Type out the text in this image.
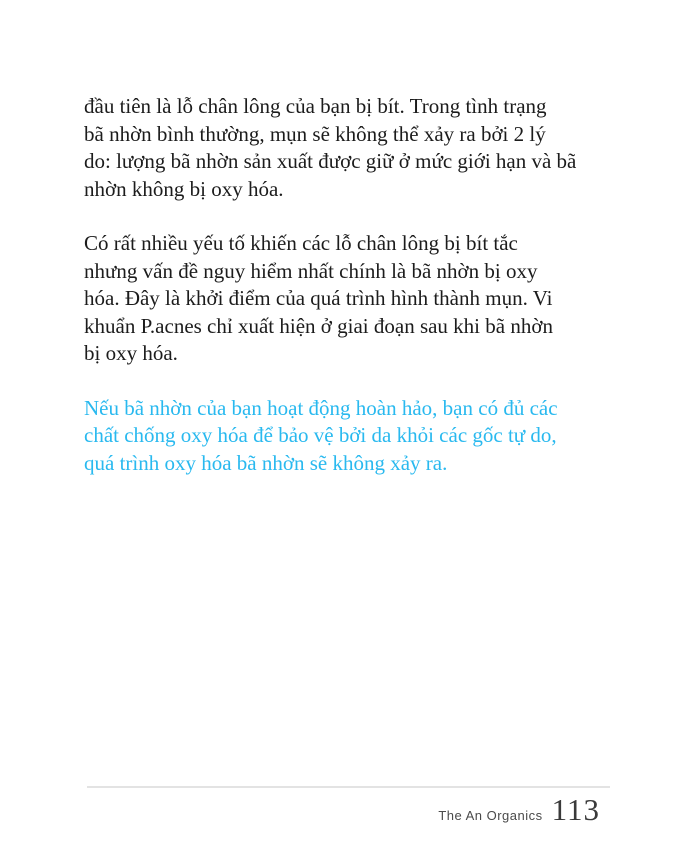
đầu tiên là lỗ chân lông của bạn bị bít. Trong tình trạng
bã nhờn bình thường, mụn sẽ không thể xảy ra bởi 2 lý
do: lượng bã nhờn sản xuất được giữ ở mức giới hạn và bã
nhờn không bị oxy hóa.

Có rất nhiều yếu tố khiến các lỗ chân lông bị bít tắc
nhưng vấn đề nguy hiểm nhất chính là bã nhờn bị oxy
hóa. Đây là khởi điểm của quá trình hình thành mụn. Vi
khuẩn P.acnes chỉ xuất hiện ở giai đoạn sau khi bã nhờn
bị oxy hóa.

Nếu bã nhờn của bạn hoạt động hoàn hảo, bạn có đủ các
chất chống oxy hóa để bảo vệ bởi da khỏi các gốc tự do,
quá trình oxy hóa bã nhờn sẽ không xảy ra.

The An Organics 113
